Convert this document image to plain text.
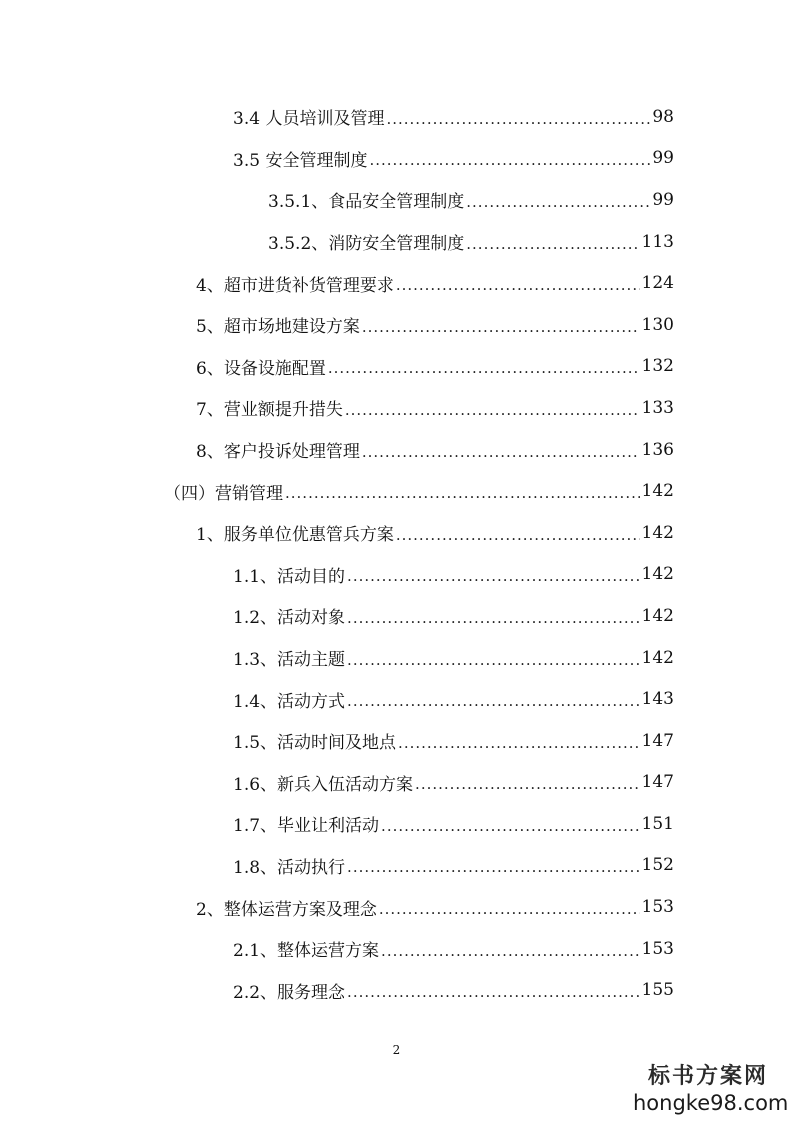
3.4 人员培训及管理 .....	98
3.5 安全管理制度 .....	99
3.5.1、食品安全管理制度 .....	99
3.5.2、消防安全管理制度 .....	113
4、超市进货补货管理要求 .....	124
5、超市场地建设方案 .....	130
6、设备设施配置 .....	132
7、营业额提升措失 .....	133
8、客户投诉处理管理 .....	136
（四）营销管理 .....	142
1、服务单位优惠管兵方案 .....	142
1.1、活动目的 .....	142
1.2、活动对象 .....	142
1.3、活动主题 .....	142
1.4、活动方式 .....	143
1.5、活动时间及地点 .....	147
1.6、新兵入伍活动方案 .....	147
1.7、毕业让利活动 .....	151
1.8、活动执行 .....	152
2、整体运营方案及理念 .....	153
2.1、整体运营方案 .....	153
2.2、服务理念 .....	155
2
标书方案网
hongke98.com
